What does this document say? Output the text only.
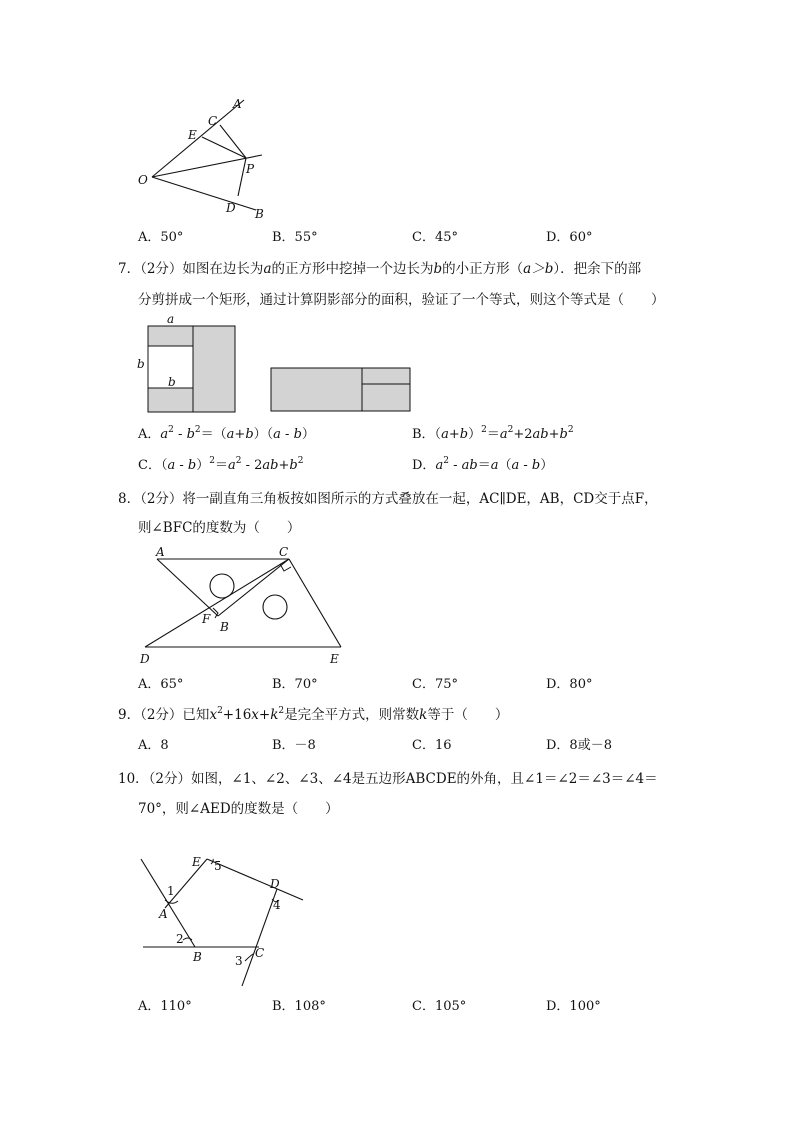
A
C
E
O
P
D B
A．50°	B．55°	C．45°	D．60°
7．（2分）如图在边长为a的正方形中挖掉一个边长为b的小正方形（a＞b）．把余下的部
分剪拼成一个矩形，通过计算阴影部分的面积，验证了一个等式，则这个等式是（　　）
a
b
b
A．$a^2 - b^2=(a+b)(a - b)$	B．$(a+b)^2=a^2+2ab+b^2$
C．$(a - b)^2=a^2 - 2ab+b^2$	D．$a^2 - ab=a(a - b)$
8．（2分）将一副直角三角板按如图所示的方式叠放在一起，AC∥DE，AB，CD交于点F，
则∠BFC的度数为（　　）
A	C
F
B
D	E
A．65°	B．70°	C．75°	D．80°
9．（2分）已知$x^2+16x+k^2$是完全平方式，则常数k等于（　　）
A．8	B．－8	C．16	D．8或－8
10．（2分）如图，∠1、∠2、∠3、∠4是五边形ABCDE的外角，且∠1＝∠2＝∠3＝∠4＝
70°，则∠AED的度数是（　　）
E 5
D
4
1
A
2
B	3
C
A．110°	B．108°	C．105°	D．100°
